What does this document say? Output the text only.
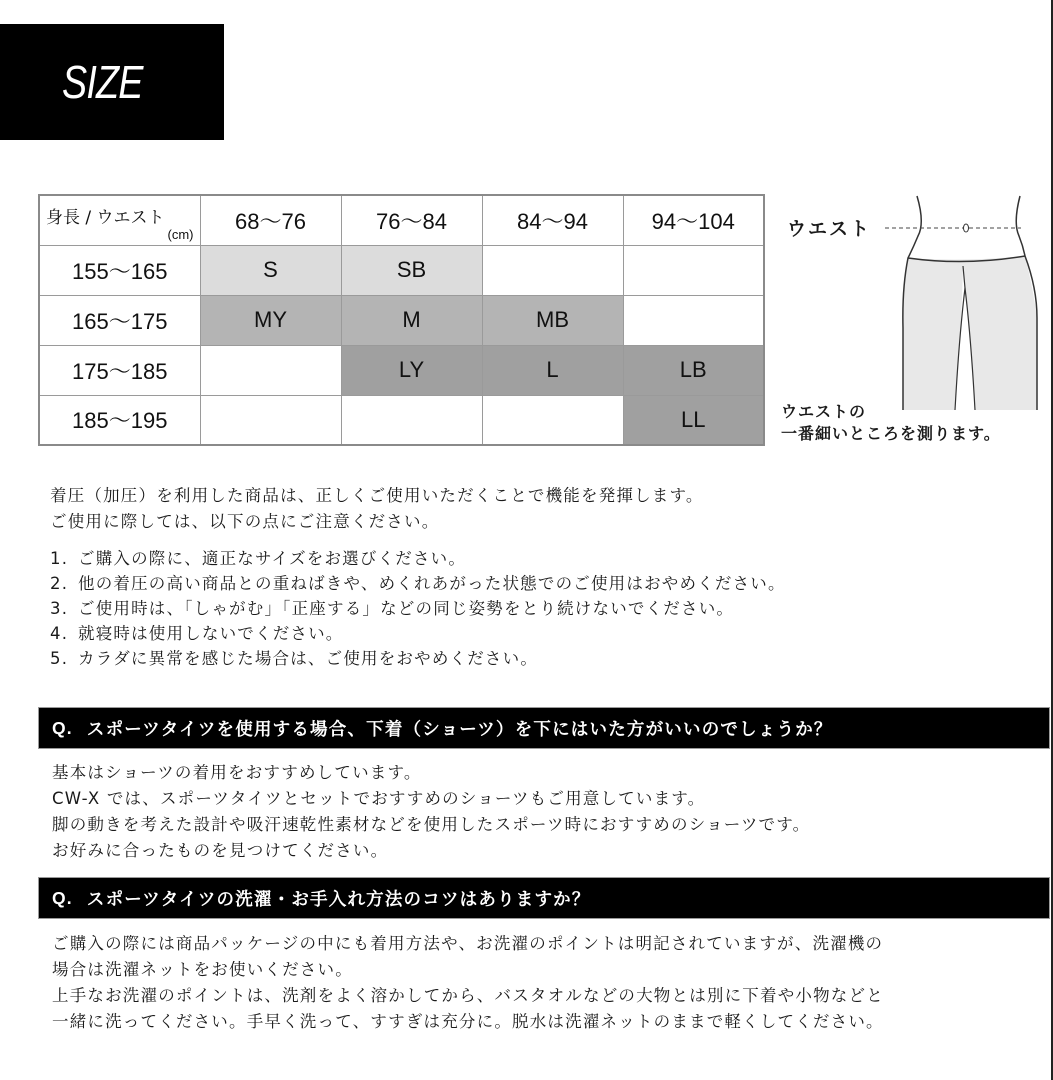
SIZE
身長 / ウエスト
(cm)	68〜76	76〜84	84〜94	94〜104
155〜165	S	SB		
165〜175	MY	M	MB	
175〜185		LY	L	LB
185〜195				LL
ウエスト
ウエストの
一番細いところを測ります。
着圧（加圧）を利用した商品は、正しくご使用いただくことで機能を発揮します。
ご使用に際しては、以下の点にご注意ください。
1. ご購入の際に、適正なサイズをお選びください。
2. 他の着圧の高い商品との重ねばきや、めくれあがった状態でのご使用はおやめください。
3. ご使用時は、「しゃがむ」「正座する」などの同じ姿勢をとり続けないでください。
4. 就寝時は使用しないでください。
5. カラダに異常を感じた場合は、ご使用をおやめください。
Q. スポーツタイツを使用する場合、下着（ショーツ）を下にはいた方がいいのでしょうか？
基本はショーツの着用をおすすめしています。
CW-X では、スポーツタイツとセットでおすすめのショーツもご用意しています。
脚の動きを考えた設計や吸汗速乾性素材などを使用したスポーツ時におすすめのショーツです。
お好みに合ったものを見つけてください。
Q. スポーツタイツの洗濯・お手入れ方法のコツはありますか？
ご購入の際には商品パッケージの中にも着用方法や、お洗濯のポイントは明記されていますが、洗濯機の
場合は洗濯ネットをお使いください。
上手なお洗濯のポイントは、洗剤をよく溶かしてから、バスタオルなどの大物とは別に下着や小物などと
一緒に洗ってください。手早く洗って、すすぎは充分に。脱水は洗濯ネットのままで軽くしてください。
